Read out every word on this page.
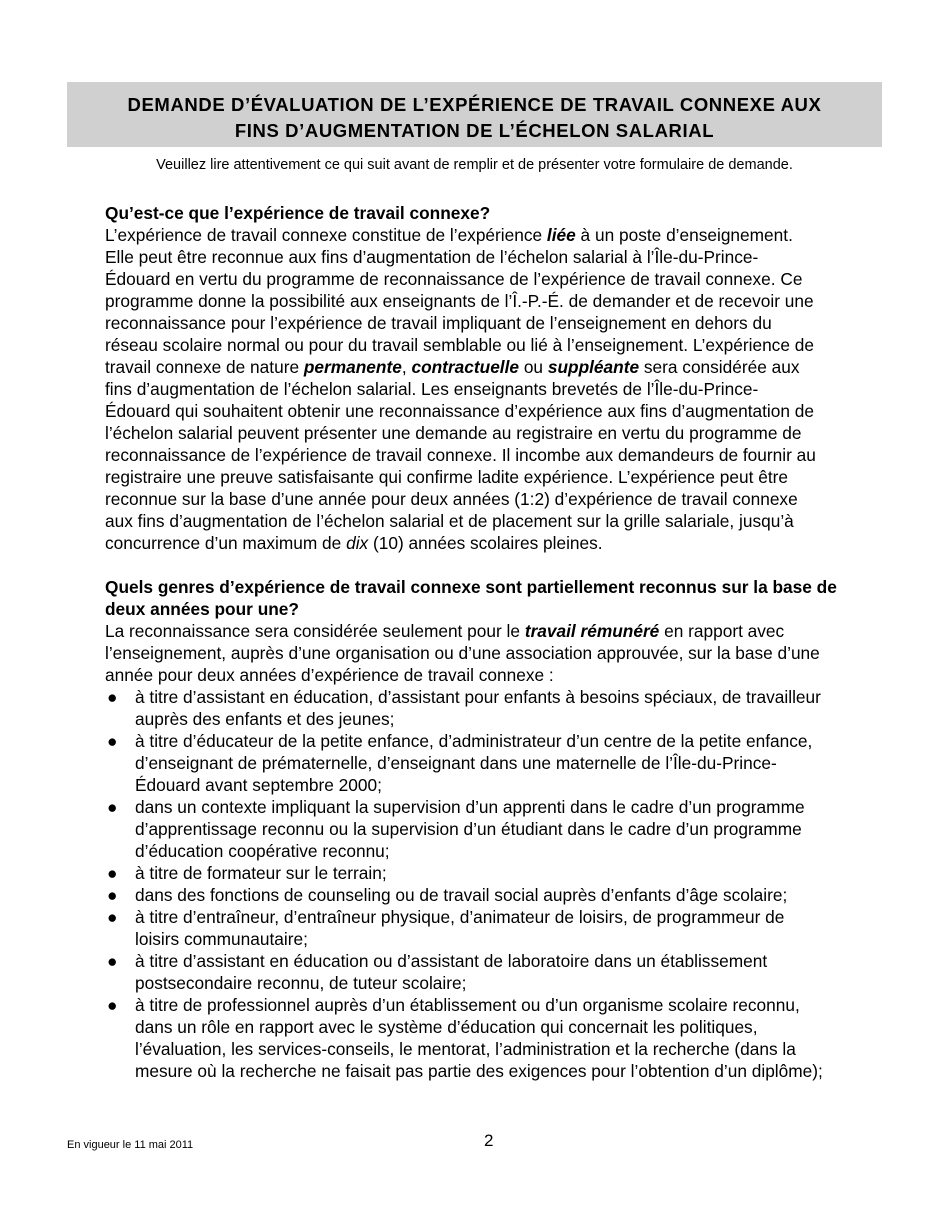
DEMANDE D’ÉVALUATION DE L’EXPÉRIENCE DE TRAVAIL CONNEXE AUX
FINS D’AUGMENTATION DE L’ÉCHELON SALARIAL
Veuillez lire attentivement ce qui suit avant de remplir et de présenter votre formulaire de demande.
Qu’est-ce que l’expérience de travail connexe?
L’expérience de travail connexe constitue de l’expérience liée à un poste d’enseignement.
Elle peut être reconnue aux fins d’augmentation de l’échelon salarial à l’Île-du-Prince-
Édouard en vertu du programme de reconnaissance de l’expérience de travail connexe. Ce
programme donne la possibilité aux enseignants de l’Î.-P.-É. de demander et de recevoir une
reconnaissance pour l’expérience de travail impliquant de l’enseignement en dehors du
réseau scolaire normal ou pour du travail semblable ou lié à l’enseignement. L’expérience de
travail connexe de nature permanente, contractuelle ou suppléante sera considérée aux
fins d’augmentation de l’échelon salarial. Les enseignants brevetés de l’Île-du-Prince-
Édouard qui souhaitent obtenir une reconnaissance d’expérience aux fins d’augmentation de
l’échelon salarial peuvent présenter une demande au registraire en vertu du programme de
reconnaissance de l’expérience de travail connexe. Il incombe aux demandeurs de fournir au
registraire une preuve satisfaisante qui confirme ladite expérience. L’expérience peut être
reconnue sur la base d’une année pour deux années (1:2) d’expérience de travail connexe
aux fins d’augmentation de l’échelon salarial et de placement sur la grille salariale, jusqu’à
concurrence d’un maximum de dix (10) années scolaires pleines.
Quels genres d’expérience de travail connexe sont partiellement reconnus sur la base de
deux années pour une?
La reconnaissance sera considérée seulement pour le travail rémunéré en rapport avec
l’enseignement, auprès d’une organisation ou d’une association approuvée, sur la base d’une
année pour deux années d’expérience de travail connexe :
● à titre d’assistant en éducation, d’assistant pour enfants à besoins spéciaux, de travailleur
auprès des enfants et des jeunes;
● à titre d’éducateur de la petite enfance, d’administrateur d’un centre de la petite enfance,
d’enseignant de prématernelle, d’enseignant dans une maternelle de l’Île-du-Prince-
Édouard avant septembre 2000;
● dans un contexte impliquant la supervision d’un apprenti dans le cadre d’un programme
d’apprentissage reconnu ou la supervision d’un étudiant dans le cadre d’un programme
d’éducation coopérative reconnu;
● à titre de formateur sur le terrain;
● dans des fonctions de counseling ou de travail social auprès d’enfants d’âge scolaire;
● à titre d’entraîneur, d’entraîneur physique, d’animateur de loisirs, de programmeur de
loisirs communautaire;
● à titre d’assistant en éducation ou d’assistant de laboratoire dans un établissement
postsecondaire reconnu, de tuteur scolaire;
● à titre de professionnel auprès d’un établissement ou d’un organisme scolaire reconnu,
dans un rôle en rapport avec le système d’éducation qui concernait les politiques,
l’évaluation, les services-conseils, le mentorat, l’administration et la recherche (dans la
mesure où la recherche ne faisait pas partie des exigences pour l’obtention d’un diplôme);
En vigueur le 11 mai 2011	2
